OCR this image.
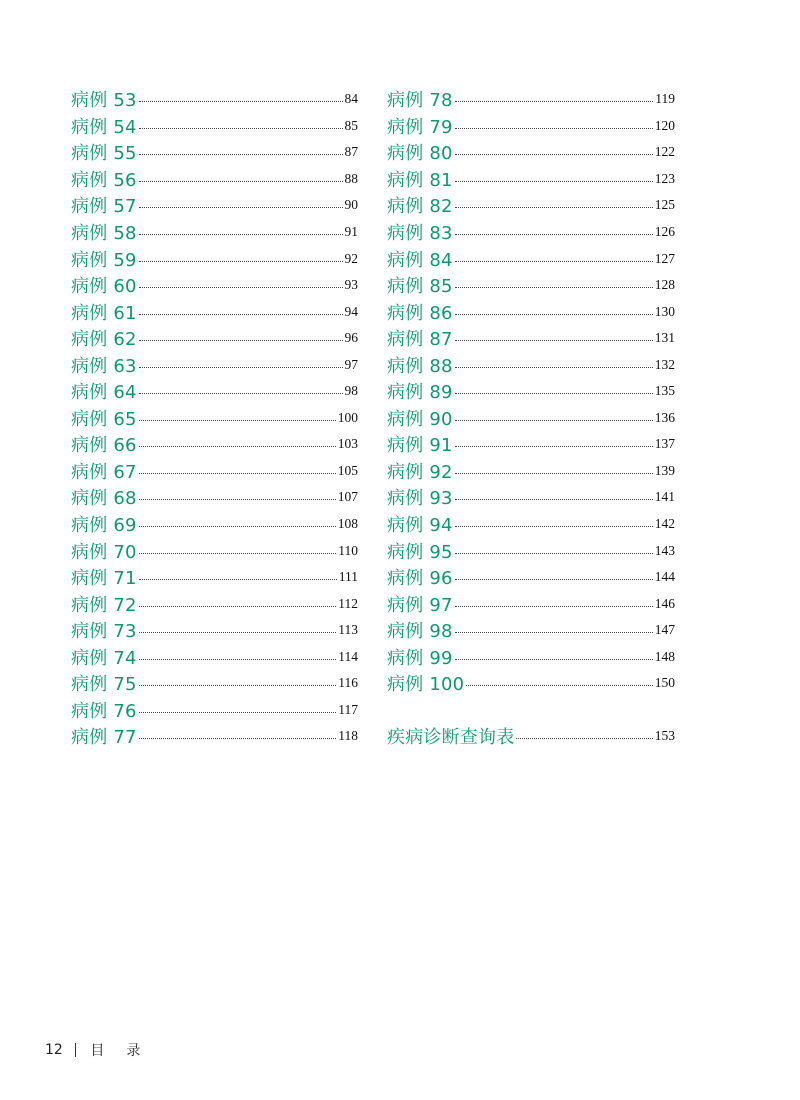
病例 53	84
病例 54	85
病例 55	87
病例 56	88
病例 57	90
病例 58	91
病例 59	92
病例 60	93
病例 61	94
病例 62	96
病例 63	97
病例 64	98
病例 65	100
病例 66	103
病例 67	105
病例 68	107
病例 69	108
病例 70	110
病例 71	111
病例 72	112
病例 73	113
病例 74	114
病例 75	116
病例 76	117
病例 77	118
病例 78	119
病例 79	120
病例 80	122
病例 81	123
病例 82	125
病例 83	126
病例 84	127
病例 85	128
病例 86	130
病例 87	131
病例 88	132
病例 89	135
病例 90	136
病例 91	137
病例 92	139
病例 93	141
病例 94	142
病例 95	143
病例 96	144
病例 97	146
病例 98	147
病例 99	148
病例 100	150
疾病诊断查询表	153
12 目录
